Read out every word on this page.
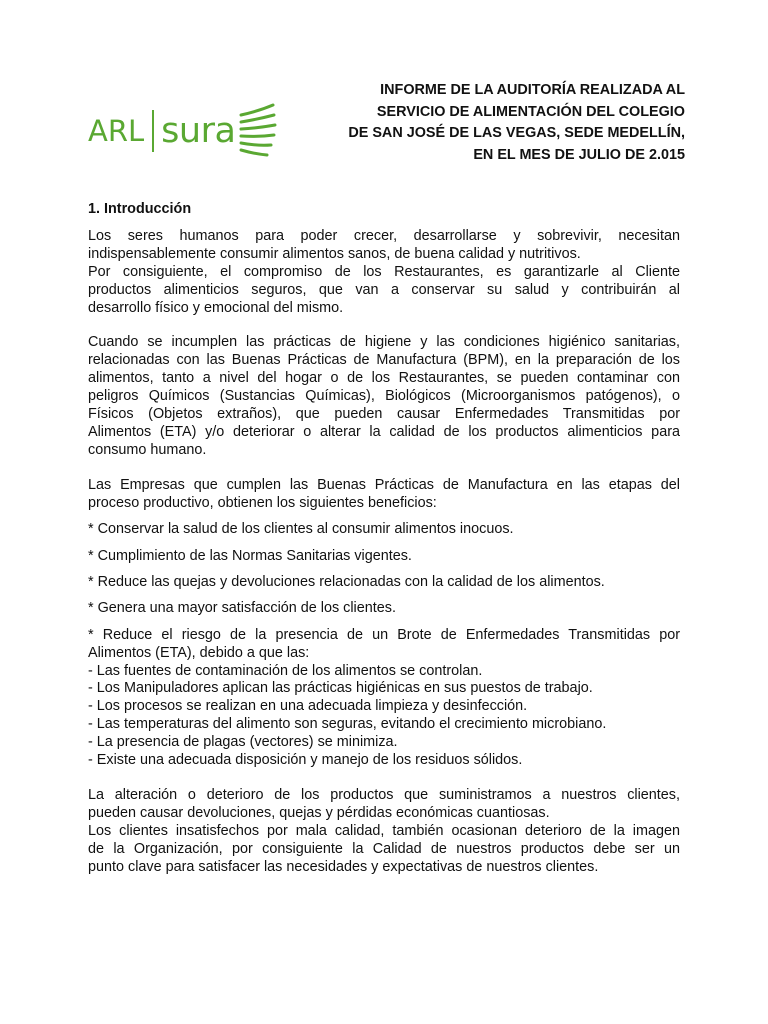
ARL sura
INFORME DE LA AUDITORÍA REALIZADA AL
SERVICIO DE ALIMENTACIÓN DEL COLEGIO
DE SAN JOSÉ DE LAS VEGAS, SEDE MEDELLÍN,
EN EL MES DE JULIO DE 2.015
1. Introducción
Los seres humanos para poder crecer, desarrollarse y sobrevivir, necesitan
indispensablemente consumir alimentos sanos, de buena calidad y nutritivos.
Por consiguiente, el compromiso de los Restaurantes, es garantizarle al Cliente
productos alimenticios seguros, que van a conservar su salud y contribuirán al
desarrollo físico y emocional del mismo.
Cuando se incumplen las prácticas de higiene y las condiciones higiénico sanitarias,
relacionadas con las Buenas Prácticas de Manufactura (BPM), en la preparación de los
alimentos, tanto a nivel del hogar o de los Restaurantes, se pueden contaminar con
peligros Químicos (Sustancias Químicas), Biológicos (Microorganismos patógenos), o
Físicos (Objetos extraños), que pueden causar Enfermedades Transmitidas por
Alimentos (ETA) y/o deteriorar o alterar la calidad de los productos alimenticios para
consumo humano.
Las Empresas que cumplen las Buenas Prácticas de Manufactura en las etapas del
proceso productivo, obtienen los siguientes beneficios:
* Conservar la salud de los clientes al consumir alimentos inocuos.
* Cumplimiento de las Normas Sanitarias vigentes.
* Reduce las quejas y devoluciones relacionadas con la calidad de los alimentos.
* Genera una mayor satisfacción de los clientes.
* Reduce el riesgo de la presencia de un Brote de Enfermedades Transmitidas por
Alimentos (ETA), debido a que las:
- Las fuentes de contaminación de los alimentos se controlan.
- Los Manipuladores aplican las prácticas higiénicas en sus puestos de trabajo.
- Los procesos se realizan en una adecuada limpieza y desinfección.
- Las temperaturas del alimento son seguras, evitando el crecimiento microbiano.
- La presencia de plagas (vectores) se minimiza.
- Existe una adecuada disposición y manejo de los residuos sólidos.
La alteración o deterioro de los productos que suministramos a nuestros clientes,
pueden causar devoluciones, quejas y pérdidas económicas cuantiosas.
Los clientes insatisfechos por mala calidad, también ocasionan deterioro de la imagen
de la Organización, por consiguiente la Calidad de nuestros productos debe ser un
punto clave para satisfacer las necesidades y expectativas de nuestros clientes.
